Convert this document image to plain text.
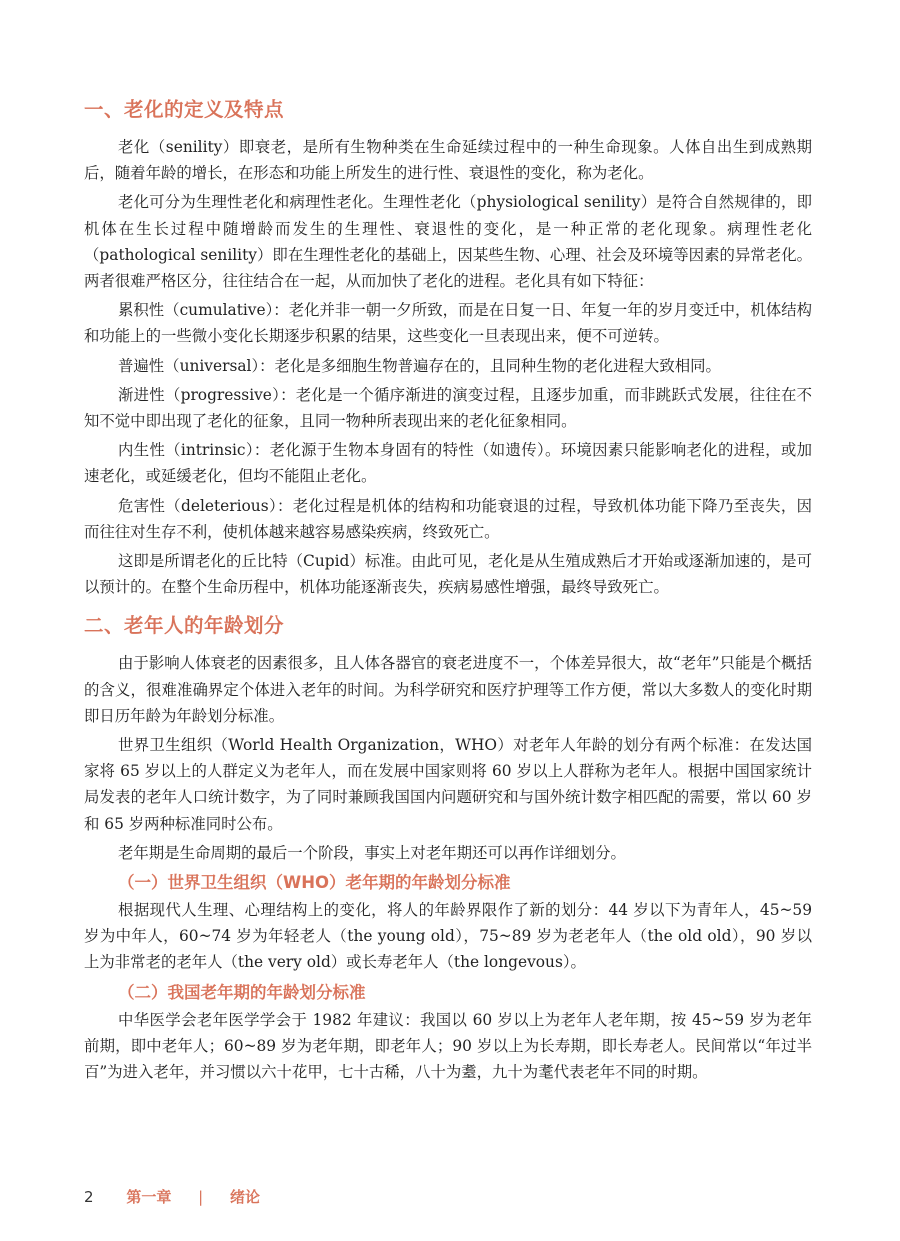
一、老化的定义及特点

老化（senility）即衰老，是所有生物种类在生命延续过程中的一种生命现象。人体自出生到成熟期后，随着年龄的增长，在形态和功能上所发生的进行性、衰退性的变化，称为老化。

老化可分为生理性老化和病理性老化。生理性老化（physiological senility）是符合自然规律的，即机体在生长过程中随增龄而发生的生理性、衰退性的变化，是一种正常的老化现象。病理性老化（pathological senility）即在生理性老化的基础上，因某些生物、心理、社会及环境等因素的异常老化。两者很难严格区分，往往结合在一起，从而加快了老化的进程。老化具有如下特征：

累积性（cumulative）：老化并非一朝一夕所致，而是在日复一日、年复一年的岁月变迁中，机体结构和功能上的一些微小变化长期逐步积累的结果，这些变化一旦表现出来，便不可逆转。

普遍性（universal）：老化是多细胞生物普遍存在的，且同种生物的老化进程大致相同。

渐进性（progressive）：老化是一个循序渐进的演变过程，且逐步加重，而非跳跃式发展，往往在不知不觉中即出现了老化的征象，且同一物种所表现出来的老化征象相同。

内生性（intrinsic）：老化源于生物本身固有的特性（如遗传）。环境因素只能影响老化的进程，或加速老化，或延缓老化，但均不能阻止老化。

危害性（deleterious）：老化过程是机体的结构和功能衰退的过程，导致机体功能下降乃至丧失，因而往往对生存不利，使机体越来越容易感染疾病，终致死亡。

这即是所谓老化的丘比特（Cupid）标准。由此可见，老化是从生殖成熟后才开始或逐渐加速的，是可以预计的。在整个生命历程中，机体功能逐渐丧失，疾病易感性增强，最终导致死亡。

二、老年人的年龄划分

由于影响人体衰老的因素很多，且人体各器官的衰老进度不一，个体差异很大，故“老年”只能是个概括的含义，很难准确界定个体进入老年的时间。为科学研究和医疗护理等工作方便，常以大多数人的变化时期即日历年龄为年龄划分标准。

世界卫生组织（World Health Organization，WHO）对老年人年龄的划分有两个标准：在发达国家将 65 岁以上的人群定义为老年人，而在发展中国家则将 60 岁以上人群称为老年人。根据中国国家统计局发表的老年人口统计数字，为了同时兼顾我国国内问题研究和与国外统计数字相匹配的需要，常以 60 岁和 65 岁两种标准同时公布。

老年期是生命周期的最后一个阶段，事实上对老年期还可以再作详细划分。

（一）世界卫生组织（WHO）老年期的年龄划分标准

根据现代人生理、心理结构上的变化，将人的年龄界限作了新的划分：44 岁以下为青年人，45~59 岁为中年人，60~74 岁为年轻老人（the young old），75~89 岁为老老年人（the old old），90 岁以上为非常老的老年人（the very old）或长寿老年人（the longevous）。

（二）我国老年期的年龄划分标准

中华医学会老年医学学会于 1982 年建议：我国以 60 岁以上为老年人老年期，按 45~59 岁为老年前期，即中老年人；60~89 岁为老年期，即老年人；90 岁以上为长寿期，即长寿老人。民间常以“年过半百”为进入老年，并习惯以六十花甲，七十古稀，八十为耋，九十为耄代表老年不同的时期。

2 第一章 | 绪论
